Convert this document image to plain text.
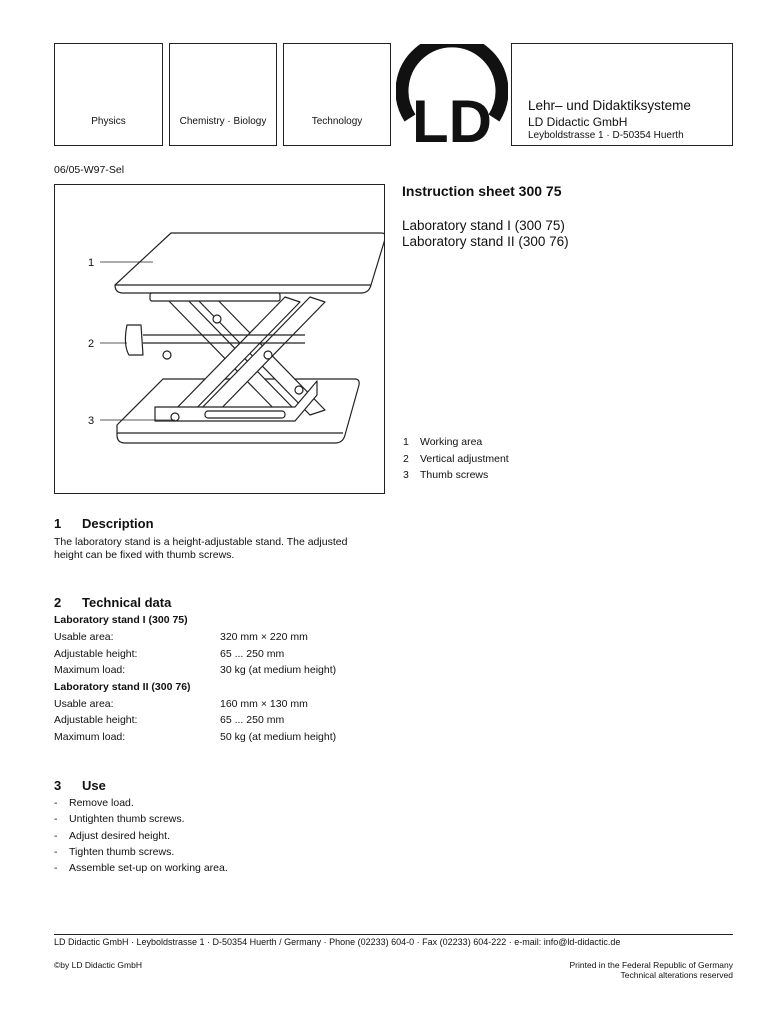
Physics	Chemistry · Biology	Technology LD	Lehr– und Didaktiksysteme
LD Didactic GmbH
Leyboldstrasse 1 · D-50354 Huerth
06/05-W97-Sel
Instruction sheet 300 75
Laboratory stand I (300 75)
Laboratory stand II (300 76)
1
2
3
1 Working area
2 Vertical adjustment
3 Thumb screws
1 Description
The laboratory stand is a height-adjustable stand. The adjusted
height can be fixed with thumb screws.
2 Technical data
Laboratory stand I (300 75)
Usable area:	320 mm × 220 mm
Adjustable height:	65 ... 250 mm
Maximum load:	30 kg (at medium height)
Laboratory stand II (300 76)
Usable area:	160 mm × 130 mm
Adjustable height:	65 ... 250 mm
Maximum load:	50 kg (at medium height)
3 Use
- Remove load.
- Untighten thumb screws.
- Adjust desired height.
- Tighten thumb screws.
- Assemble set-up on working area.
LD Didactic GmbH · Leyboldstrasse 1 · D-50354 Huerth / Germany · Phone (02233) 604-0 · Fax (02233) 604-222 · e-mail: info@ld-didactic.de
©by LD Didactic GmbH	Printed in the Federal Republic of Germany
Technical alterations reserved
